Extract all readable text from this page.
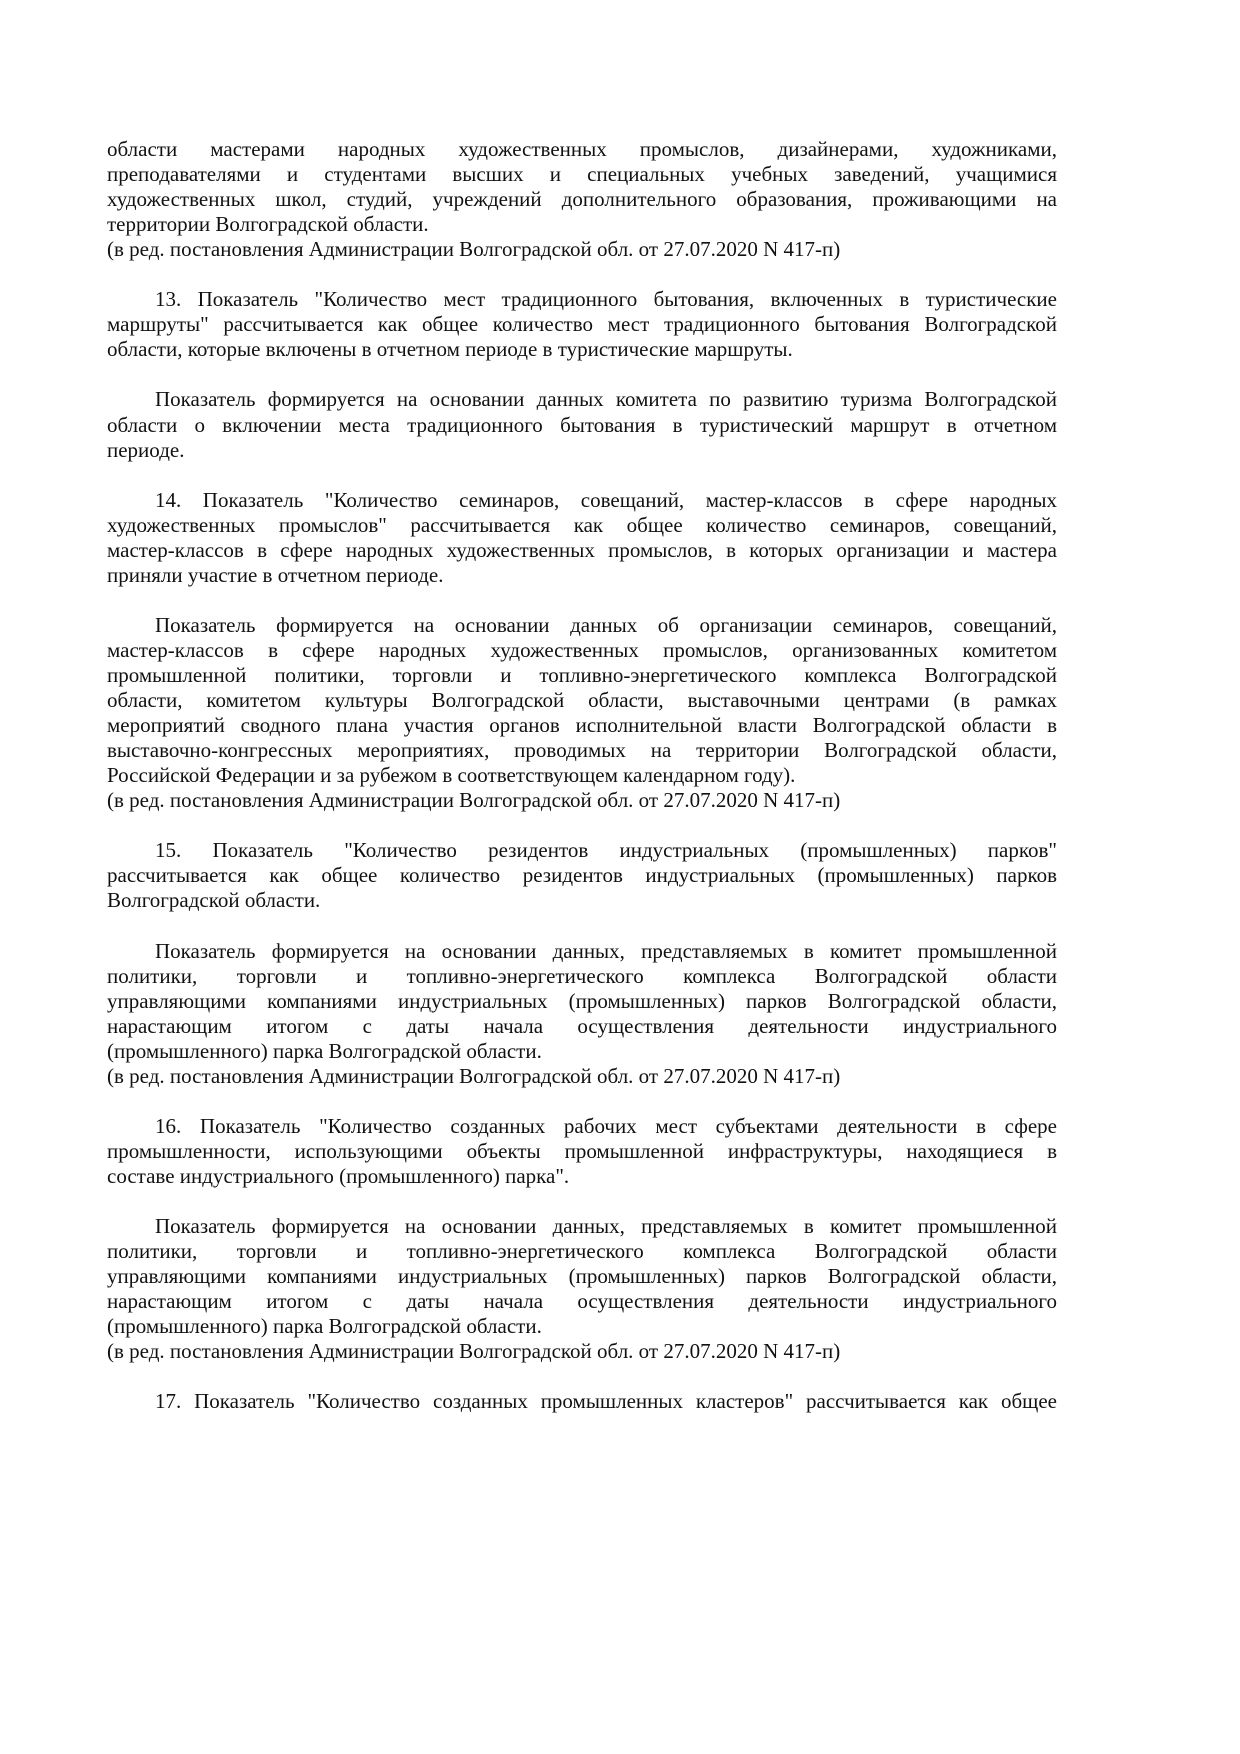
области мастерами народных художественных промыслов, дизайнерами, художниками,
преподавателями и студентами высших и специальных учебных заведений, учащимися
художественных школ, студий, учреждений дополнительного образования, проживающими на
территории Волгоградской области.
(в ред. постановления Администрации Волгоградской обл. от 27.07.2020 N 417-п)
13. Показатель "Количество мест традиционного бытования, включенных в туристические
маршруты" рассчитывается как общее количество мест традиционного бытования Волгоградской
области, которые включены в отчетном периоде в туристические маршруты.
Показатель формируется на основании данных комитета по развитию туризма Волгоградской
области о включении места традиционного бытования в туристический маршрут в отчетном
периоде.
14. Показатель "Количество семинаров, совещаний, мастер-классов в сфере народных
художественных промыслов" рассчитывается как общее количество семинаров, совещаний,
мастер-классов в сфере народных художественных промыслов, в которых организации и мастера
приняли участие в отчетном периоде.
Показатель формируется на основании данных об организации семинаров, совещаний,
мастер-классов в сфере народных художественных промыслов, организованных комитетом
промышленной политики, торговли и топливно-энергетического комплекса Волгоградской
области, комитетом культуры Волгоградской области, выставочными центрами (в рамках
мероприятий сводного плана участия органов исполнительной власти Волгоградской области в
выставочно-конгрессных мероприятиях, проводимых на территории Волгоградской области,
Российской Федерации и за рубежом в соответствующем календарном году).
(в ред. постановления Администрации Волгоградской обл. от 27.07.2020 N 417-п)
15. Показатель "Количество резидентов индустриальных (промышленных) парков"
рассчитывается как общее количество резидентов индустриальных (промышленных) парков
Волгоградской области.
Показатель формируется на основании данных, представляемых в комитет промышленной
политики, торговли и топливно-энергетического комплекса Волгоградской области
управляющими компаниями индустриальных (промышленных) парков Волгоградской области,
нарастающим итогом с даты начала осуществления деятельности индустриального
(промышленного) парка Волгоградской области.
(в ред. постановления Администрации Волгоградской обл. от 27.07.2020 N 417-п)
16. Показатель "Количество созданных рабочих мест субъектами деятельности в сфере
промышленности, использующими объекты промышленной инфраструктуры, находящиеся в
составе индустриального (промышленного) парка".
Показатель формируется на основании данных, представляемых в комитет промышленной
политики, торговли и топливно-энергетического комплекса Волгоградской области
управляющими компаниями индустриальных (промышленных) парков Волгоградской области,
нарастающим итогом с даты начала осуществления деятельности индустриального
(промышленного) парка Волгоградской области.
(в ред. постановления Администрации Волгоградской обл. от 27.07.2020 N 417-п)
17. Показатель "Количество созданных промышленных кластеров" рассчитывается как общее
